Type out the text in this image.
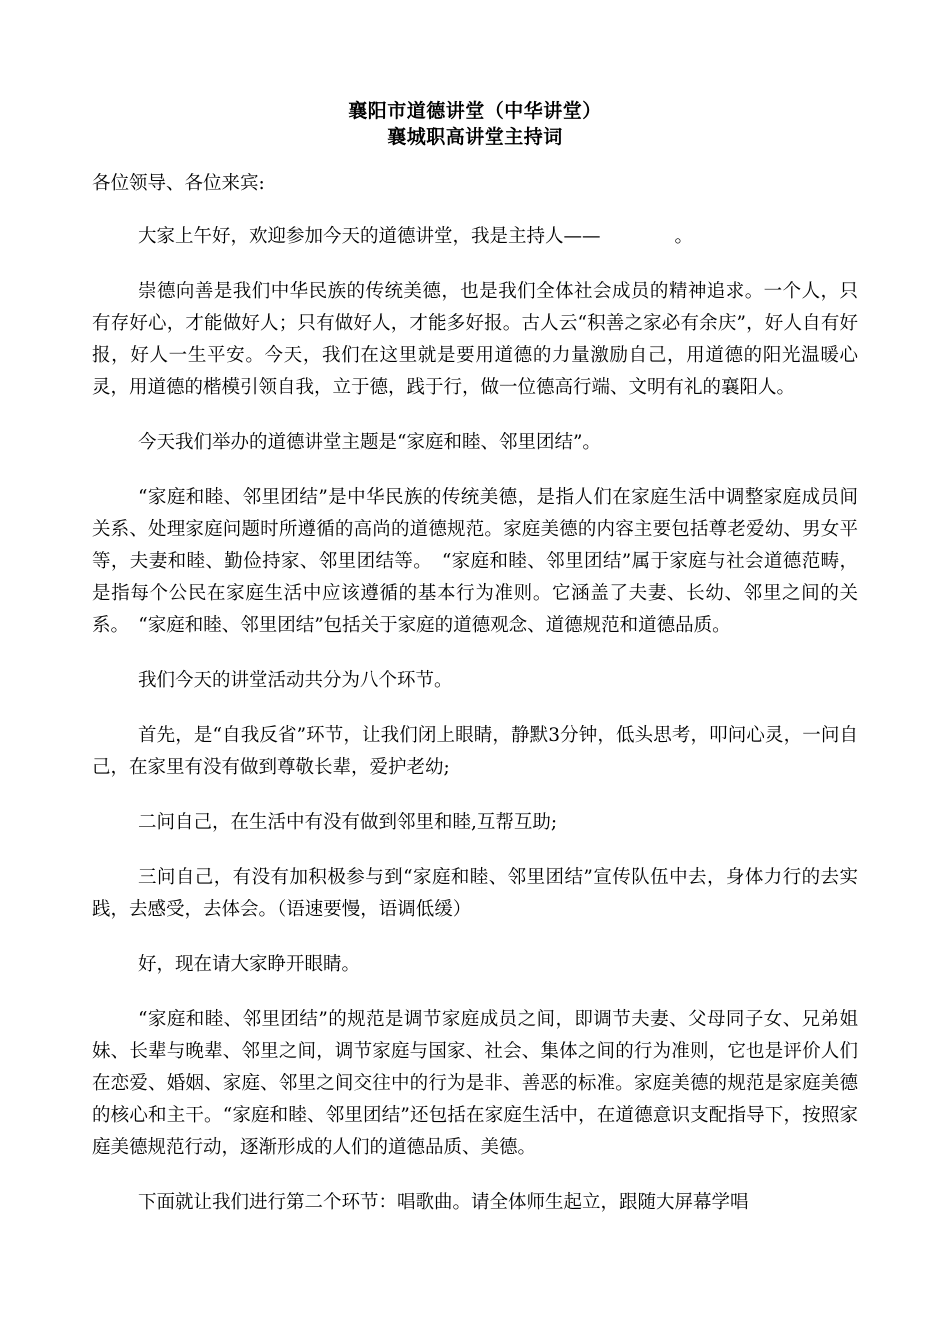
襄阳市道德讲堂（中华讲堂）
襄城职高讲堂主持词

各位领导、各位来宾:

大家上午好，欢迎参加今天的道德讲堂，我是主持人——　　　　。

崇德向善是我们中华民族的传统美德，也是我们全体社会成员的精神追求。一个人，只有存好心，才能做好人；只有做好人，才能多好报。古人云“积善之家必有余庆”，好人自有好报，好人一生平安。今天，我们在这里就是要用道德的力量激励自己，用道德的阳光温暖心灵，用道德的楷模引领自我，立于德，践于行，做一位德高行端、文明有礼的襄阳人。

今天我们举办的道德讲堂主题是“家庭和睦、邻里团结”。

“家庭和睦、邻里团结”是中华民族的传统美德，是指人们在家庭生活中调整家庭成员间关系、处理家庭问题时所遵循的高尚的道德规范。家庭美德的内容主要包括尊老爱幼、男女平等，夫妻和睦、勤俭持家、邻里团结等。　“家庭和睦、邻里团结”属于家庭与社会道德范畴，是指每个公民在家庭生活中应该遵循的基本行为准则。它涵盖了夫妻、长幼、邻里之间的关系。　“家庭和睦、邻里团结”包括关于家庭的道德观念、道德规范和道德品质。

我们今天的讲堂活动共分为八个环节。

首先，是“自我反省”环节，让我们闭上眼睛，静默3分钟，低头思考，叩问心灵，一问自己，在家里有没有做到尊敬长辈，爱护老幼;

二问自己，在生活中有没有做到邻里和睦,互帮互助;

三问自己，有没有加积极参与到“家庭和睦、邻里团结”宣传队伍中去，身体力行的去实践，去感受，去体会。（语速要慢，语调低缓）

好，现在请大家睁开眼睛。

“家庭和睦、邻里团结”的规范是调节家庭成员之间，即调节夫妻、父母同子女、兄弟姐妹、长辈与晚辈、邻里之间，调节家庭与国家、社会、集体之间的行为准则，它也是评价人们在恋爱、婚姻、家庭、邻里之间交往中的行为是非、善恶的标准。家庭美德的规范是家庭美德的核心和主干。“家庭和睦、邻里团结”还包括在家庭生活中，在道德意识支配指导下，按照家庭美德规范行动，逐渐形成的人们的道德品质、美德。

下面就让我们进行第二个环节：唱歌曲。请全体师生起立，跟随大屏幕学唱
